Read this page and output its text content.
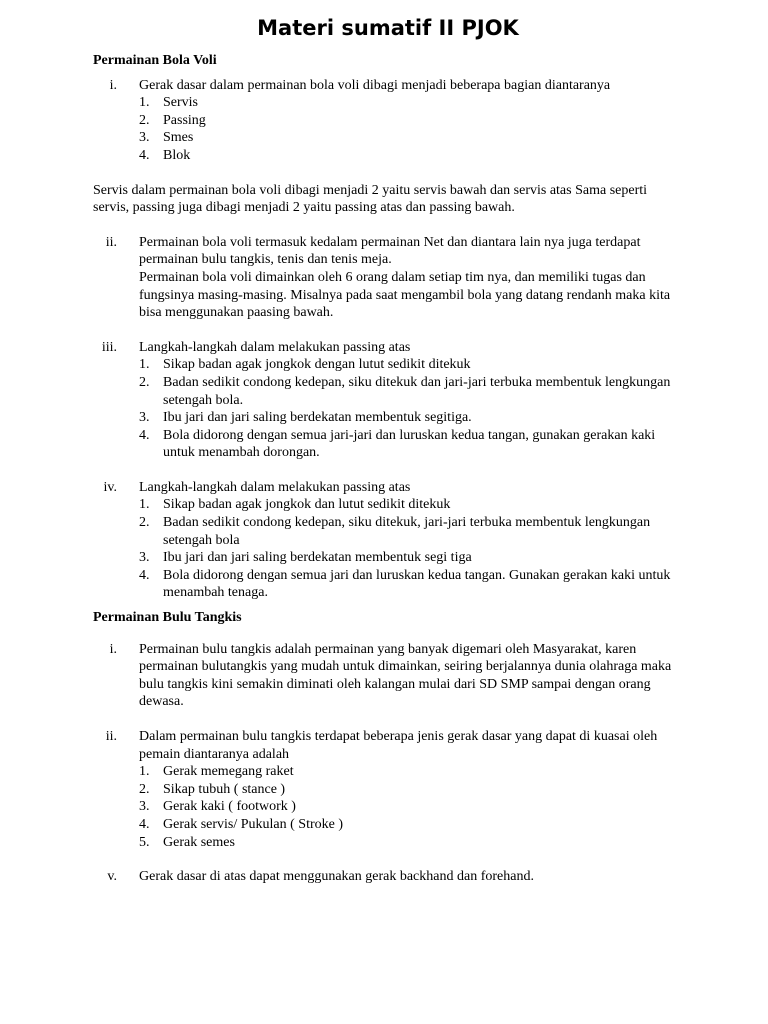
Materi sumatif II PJOK
Permainan Bola Voli
i. Gerak dasar dalam permainan bola voli dibagi menjadi beberapa bagian diantaranya

1. Servis
2. Passing
3. Smes
4. Blok

Servis dalam permainan bola voli dibagi menjadi 2 yaitu servis bawah dan servis atas Sama seperti servis, passing juga dibagi menjadi 2 yaitu passing atas dan passing bawah.

ii. Permainan bola voli termasuk kedalam permainan Net dan diantara lain nya juga terdapat permainan bulu tangkis, tenis dan tenis meja.

Permainan bola voli dimainkan oleh 6 orang dalam setiap tim nya, dan memiliki tugas dan fungsinya masing-masing. Misalnya pada saat mengambil bola yang datang rendanh maka kita bisa menggunakan paasing bawah.

iii. Langkah-langkah dalam melakukan passing atas

1. Sikap badan agak jongkok dengan lutut sedikit ditekuk
2. Badan sedikit condong kedepan, siku ditekuk dan jari-jari terbuka membentuk lengkungan setengah bola.
3. Ibu jari dan jari saling berdekatan membentuk segitiga.
4. Bola didorong dengan semua jari-jari dan luruskan kedua tangan, gunakan gerakan kaki untuk menambah dorongan.
iv. Langkah-langkah dalam melakukan passing atas

1. Sikap badan agak jongkok dan lutut sedikit ditekuk
2. Badan sedikit condong kedepan, siku ditekuk, jari-jari terbuka membentuk lengkungan setengah bola
3. Ibu jari dan jari saling berdekatan membentuk segi tiga
4. Bola didorong dengan semua jari dan luruskan kedua tangan. Gunakan gerakan kaki untuk menambah tenaga.
Permainan Bulu Tangkis
i. Permainan bulu tangkis adalah permainan yang banyak digemari oleh Masyarakat, karen permainan bulutangkis yang mudah untuk dimainkan, seiring berjalannya dunia olahraga maka bulu tangkis kini semakin diminati oleh kalangan mulai dari SD SMP sampai dengan orang dewasa.

ii. Dalam permainan bulu tangkis terdapat beberapa jenis gerak dasar yang dapat di kuasai oleh pemain diantaranya adalah

1. Gerak memegang raket
2. Sikap tubuh ( stance )
3. Gerak kaki ( footwork )
4. Gerak servis/ Pukulan ( Stroke )
5. Gerak semes
v. Gerak dasar di atas dapat menggunakan gerak backhand dan forehand.
